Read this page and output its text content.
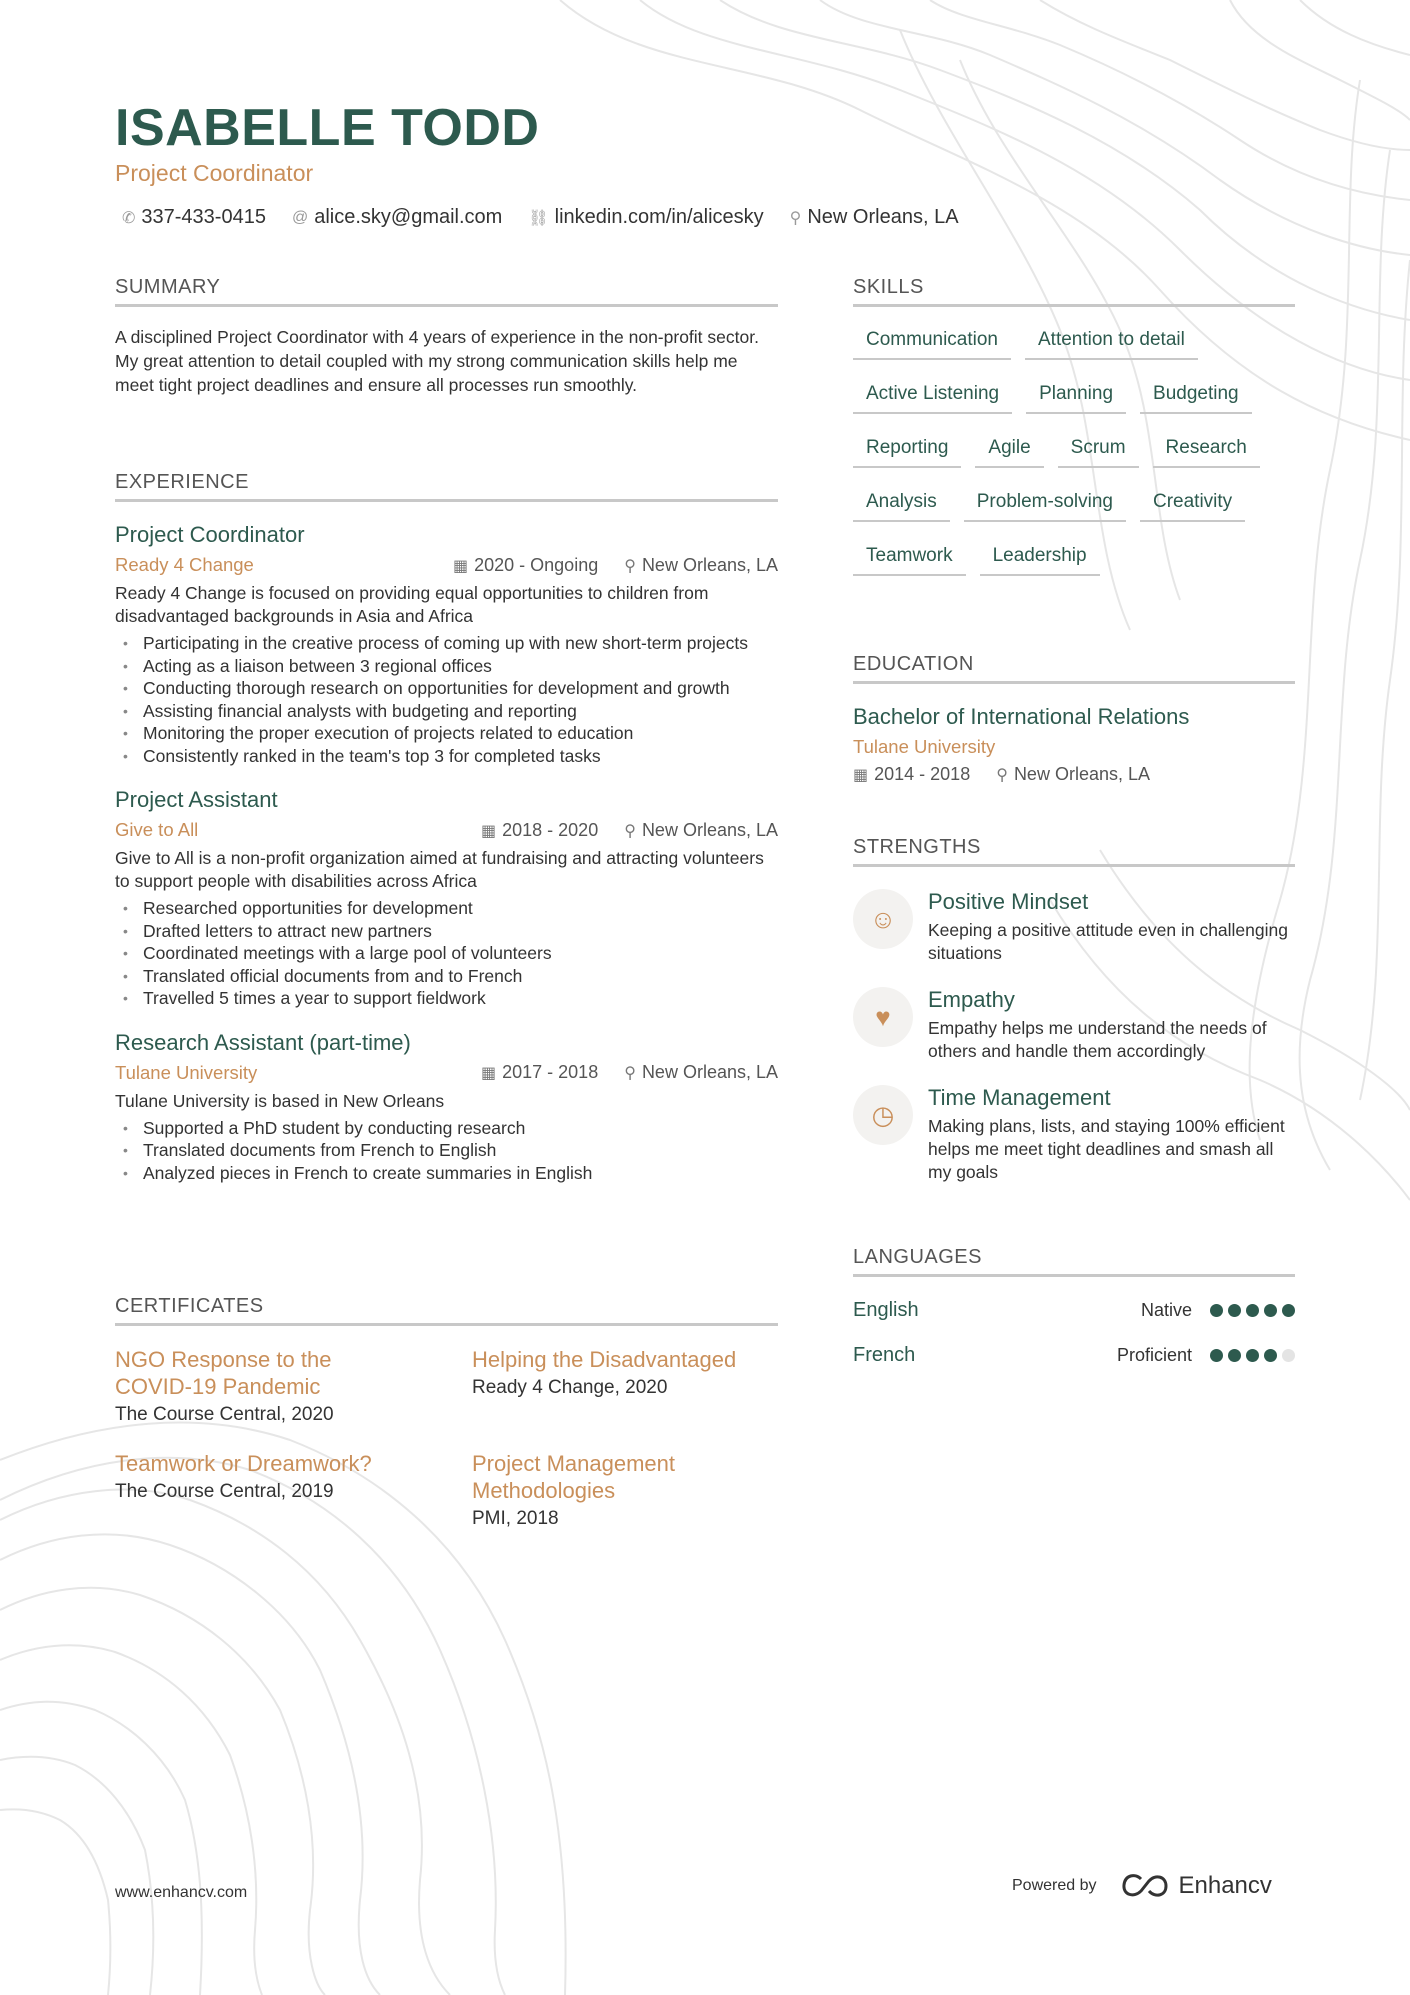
ISABELLE TODD
Project Coordinator
✆ 337-433-0415 @ alice.sky@gmail.com ⛓ linkedin.com/in/alicesky ⚲ New Orleans, LA
SUMMARY
A disciplined Project Coordinator with 4 years of experience in the non-profit sector. My great attention to detail coupled with my strong communication skills help me meet tight project deadlines and ensure all processes run smoothly.
EXPERIENCE
Project Coordinator
Ready 4 Change	▦ 2020 - Ongoing ⚲ New Orleans, LA
Ready 4 Change is focused on providing equal opportunities to children from disadvantaged backgrounds in Asia and Africa
• Participating in the creative process of coming up with new short-term projects
• Acting as a liaison between 3 regional offices
• Conducting thorough research on opportunities for development and growth
• Assisting financial analysts with budgeting and reporting
• Monitoring the proper execution of projects related to education
• Consistently ranked in the team's top 3 for completed tasks
Project Assistant
Give to All	▦ 2018 - 2020 ⚲ New Orleans, LA
Give to All is a non-profit organization aimed at fundraising and attracting volunteers to support people with disabilities across Africa
• Researched opportunities for development
• Drafted letters to attract new partners
• Coordinated meetings with a large pool of volunteers
• Translated official documents from and to French
• Travelled 5 times a year to support fieldwork
Research Assistant (part-time)
Tulane University	▦ 2017 - 2018 ⚲ New Orleans, LA
Tulane University is based in New Orleans
• Supported a PhD student by conducting research
• Translated documents from French to English
• Analyzed pieces in French to create summaries in English
CERTIFICATES
NGO Response to the COVID-19 Pandemic
The Course Central, 2020
Helping the Disadvantaged
Ready 4 Change, 2020
Teamwork or Dreamwork?
The Course Central, 2019
Project Management Methodologies
PMI, 2018
SKILLS
Communication	Attention to detail
Active Listening	Planning	Budgeting
Reporting	Agile	Scrum	Research
Analysis	Problem-solving	Creativity
Teamwork	Leadership
EDUCATION
Bachelor of International Relations
Tulane University
▦ 2014 - 2018 ⚲ New Orleans, LA
STRENGTHS
☺
Positive Mindset
Keeping a positive attitude even in challenging situations
♥
Empathy
Empathy helps me understand the needs of others and handle them accordingly
◷
Time Management
Making plans, lists, and staying 100% efficient helps me meet tight deadlines and smash all my goals
LANGUAGES
English	Native
French	Proficient
www.enhancv.com	Powered by	Enhancv
